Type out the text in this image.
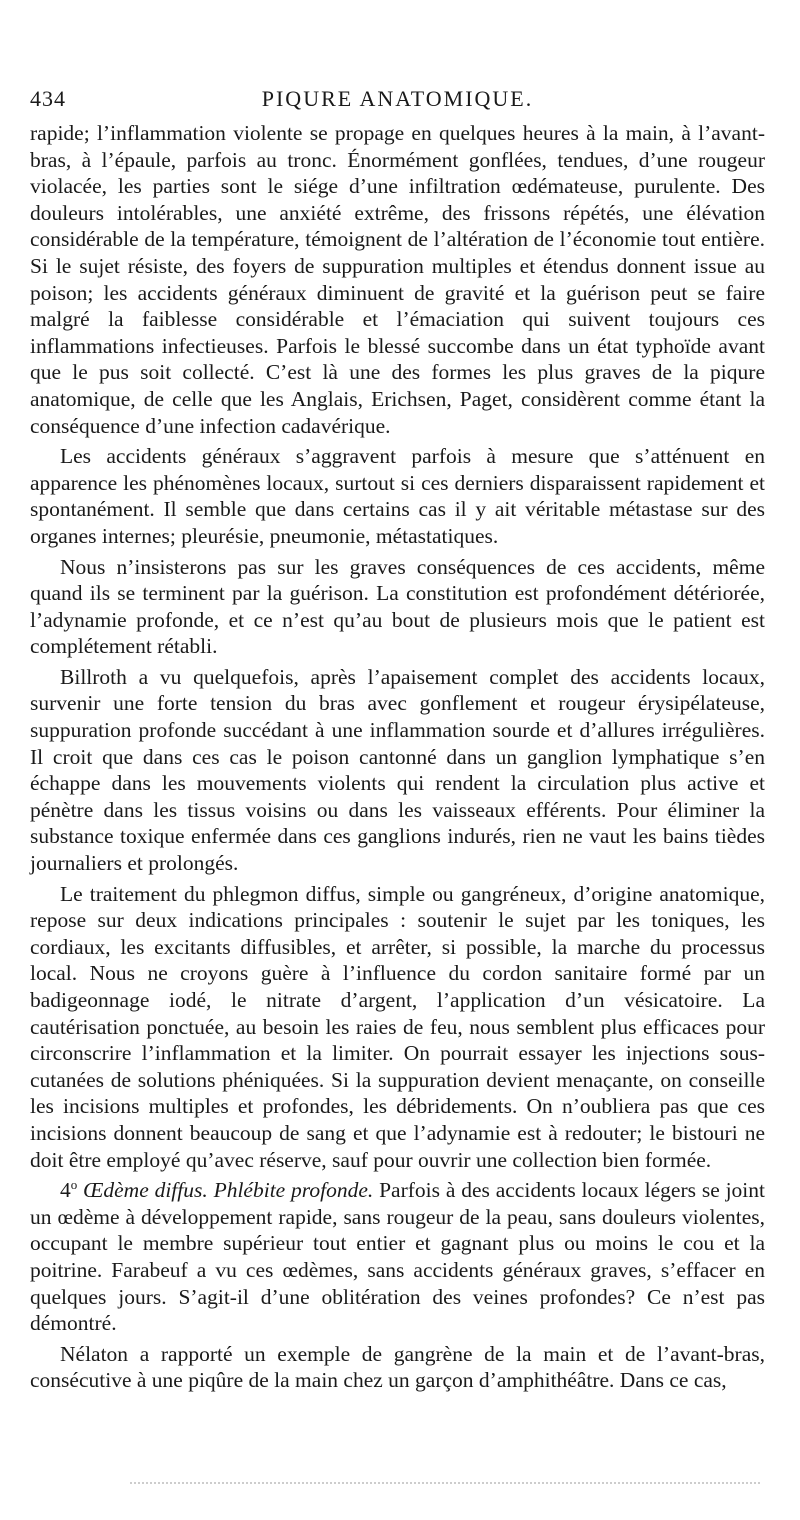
434	PIQURE ANATOMIQUE.

rapide; l’inflammation violente se propage en quelques heures à la main, à l’avant-bras, à l’épaule, parfois au tronc. Énormément gonflées, tendues, d’une rougeur violacée, les parties sont le siége d’une infiltration œdémateuse, purulente. Des douleurs intolérables, une anxiété extrême, des frissons répétés, une élévation considérable de la température, témoignent de l’altération de l’économie tout entière. Si le sujet résiste, des foyers de suppuration multiples et étendus donnent issue au poison; les accidents généraux diminuent de gravité et la guérison peut se faire malgré la faiblesse considérable et l’émaciation qui suivent toujours ces inflammations infectieuses. Parfois le blessé succombe dans un état typhoïde avant que le pus soit collecté. C’est là une des formes les plus graves de la piqure anatomique, de celle que les Anglais, Erichsen, Paget, considèrent comme étant la conséquence d’une infection cadavérique.

Les accidents généraux s’aggravent parfois à mesure que s’atténuent en apparence les phénomènes locaux, surtout si ces derniers disparaissent rapidement et spontanément. Il semble que dans certains cas il y ait véritable métastase sur des organes internes; pleurésie, pneumonie, métastatiques.

Nous n’insisterons pas sur les graves conséquences de ces accidents, même quand ils se terminent par la guérison. La constitution est profondément détériorée, l’adynamie profonde, et ce n’est qu’au bout de plusieurs mois que le patient est complétement rétabli.

Billroth a vu quelquefois, après l’apaisement complet des accidents locaux, survenir une forte tension du bras avec gonflement et rougeur érysipélateuse, suppuration profonde succédant à une inflammation sourde et d’allures irrégulières. Il croit que dans ces cas le poison cantonné dans un ganglion lymphatique s’en échappe dans les mouvements violents qui rendent la circulation plus active et pénètre dans les tissus voisins ou dans les vaisseaux efférents. Pour éliminer la substance toxique enfermée dans ces ganglions indurés, rien ne vaut les bains tièdes journaliers et prolongés.

Le traitement du phlegmon diffus, simple ou gangréneux, d’origine anatomique, repose sur deux indications principales : soutenir le sujet par les toniques, les cordiaux, les excitants diffusibles, et arrêter, si possible, la marche du processus local. Nous ne croyons guère à l’influence du cordon sanitaire formé par un badigeonnage iodé, le nitrate d’argent, l’application d’un vésicatoire. La cautérisation ponctuée, au besoin les raies de feu, nous semblent plus efficaces pour circonscrire l’inflammation et la limiter. On pourrait essayer les injections sous-cutanées de solutions phéniquées. Si la suppuration devient menaçante, on conseille les incisions multiples et profondes, les débridements. On n’oubliera pas que ces incisions donnent beaucoup de sang et que l’adynamie est à redouter; le bistouri ne doit être employé qu’avec réserve, sauf pour ouvrir une collection bien formée.

4$^o$ Œdème diffus. Phlébite profonde. Parfois à des accidents locaux légers se joint un œdème à développement rapide, sans rougeur de la peau, sans douleurs violentes, occupant le membre supérieur tout entier et gagnant plus ou moins le cou et la poitrine. Farabeuf a vu ces œdèmes, sans accidents généraux graves, s’effacer en quelques jours. S’agit-il d’une oblitération des veines profondes? Ce n’est pas démontré.

Nélaton a rapporté un exemple de gangrène de la main et de l’avant-bras, consécutive à une piqûre de la main chez un garçon d’amphithéâtre. Dans ce cas,
